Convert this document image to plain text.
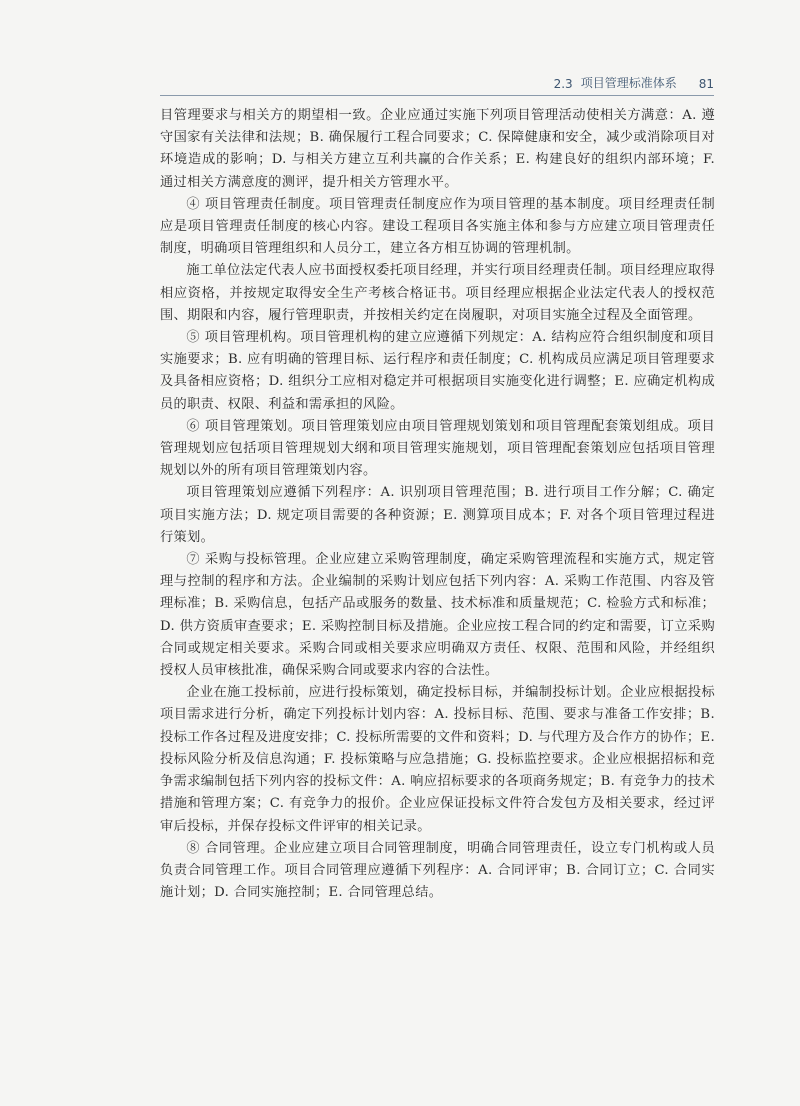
2.3 项目管理标准体系 81

目管理要求与相关方的期望相一致。企业应通过实施下列项目管理活动使相关方满意：A. 遵守国家有关法律和法规；B. 确保履行工程合同要求；C. 保障健康和安全，减少或消除项目对环境造成的影响；D. 与相关方建立互利共赢的合作关系；E. 构建良好的组织内部环境；F. 通过相关方满意度的测评，提升相关方管理水平。

④ 项目管理责任制度。项目管理责任制度应作为项目管理的基本制度。项目经理责任制应是项目管理责任制度的核心内容。建设工程项目各实施主体和参与方应建立项目管理责任制度，明确项目管理组织和人员分工，建立各方相互协调的管理机制。

施工单位法定代表人应书面授权委托项目经理，并实行项目经理责任制。项目经理应取得相应资格，并按规定取得安全生产考核合格证书。项目经理应根据企业法定代表人的授权范围、期限和内容，履行管理职责，并按相关约定在岗履职，对项目实施全过程及全面管理。

⑤ 项目管理机构。项目管理机构的建立应遵循下列规定：A. 结构应符合组织制度和项目实施要求；B. 应有明确的管理目标、运行程序和责任制度；C. 机构成员应满足项目管理要求及具备相应资格；D. 组织分工应相对稳定并可根据项目实施变化进行调整；E. 应确定机构成员的职责、权限、利益和需承担的风险。

⑥ 项目管理策划。项目管理策划应由项目管理规划策划和项目管理配套策划组成。项目管理规划应包括项目管理规划大纲和项目管理实施规划，项目管理配套策划应包括项目管理规划以外的所有项目管理策划内容。

项目管理策划应遵循下列程序：A. 识别项目管理范围；B. 进行项目工作分解；C. 确定项目实施方法；D. 规定项目需要的各种资源；E. 测算项目成本；F. 对各个项目管理过程进行策划。

⑦ 采购与投标管理。企业应建立采购管理制度，确定采购管理流程和实施方式，规定管理与控制的程序和方法。企业编制的采购计划应包括下列内容：A. 采购工作范围、内容及管理标准；B. 采购信息，包括产品或服务的数量、技术标准和质量规范；C. 检验方式和标准；D. 供方资质审查要求；E. 采购控制目标及措施。企业应按工程合同的约定和需要，订立采购合同或规定相关要求。采购合同或相关要求应明确双方责任、权限、范围和风险，并经组织授权人员审核批准，确保采购合同或要求内容的合法性。

企业在施工投标前，应进行投标策划，确定投标目标，并编制投标计划。企业应根据投标项目需求进行分析，确定下列投标计划内容：A. 投标目标、范围、要求与准备工作安排；B. 投标工作各过程及进度安排；C. 投标所需要的文件和资料；D. 与代理方及合作方的协作；E. 投标风险分析及信息沟通；F. 投标策略与应急措施；G. 投标监控要求。企业应根据招标和竞争需求编制包括下列内容的投标文件：A. 响应招标要求的各项商务规定；B. 有竞争力的技术措施和管理方案；C. 有竞争力的报价。企业应保证投标文件符合发包方及相关要求，经过评审后投标，并保存投标文件评审的相关记录。

⑧ 合同管理。企业应建立项目合同管理制度，明确合同管理责任，设立专门机构或人员负责合同管理工作。项目合同管理应遵循下列程序：A. 合同评审；B. 合同订立；C. 合同实施计划；D. 合同实施控制；E. 合同管理总结。
